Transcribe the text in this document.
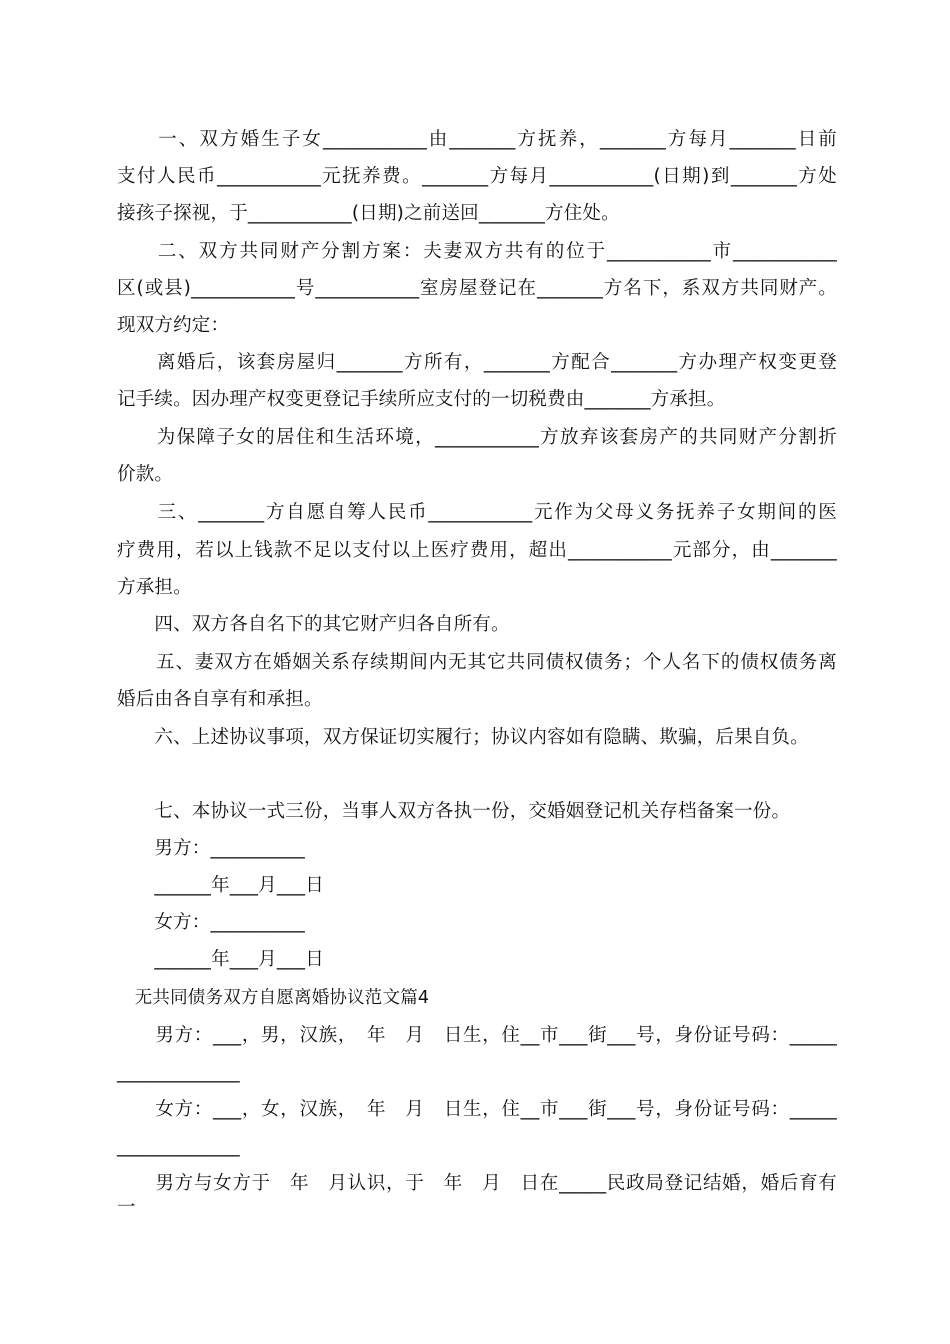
　　一、双方婚生子女___________由_______方抚养，_______方每月_______日前
支付人民币___________元抚养费。_______方每月___________(日期)到_______方处
接孩子探视，于___________(日期)之前送回_______方住处。
　　二、双方共同财产分割方案：夫妻双方共有的位于___________市___________
区(或县)___________号___________室房屋登记在_______方名下，系双方共同财产。
现双方约定：
　　离婚后，该套房屋归_______方所有，_______方配合_______方办理产权变更登
记手续。因办理产权变更登记手续所应支付的一切税费由_______方承担。
　　为保障子女的居住和生活环境，___________方放弃该套房产的共同财产分割折
价款。
　　三、_______方自愿自筹人民币___________元作为父母义务抚养子女期间的医
疗费用，若以上钱款不足以支付以上医疗费用，超出___________元部分，由_______
方承担。
　　四、双方各自名下的其它财产归各自所有。
　　五、妻双方在婚姻关系存续期间内无其它共同债权债务；个人名下的债权债务离
婚后由各自享有和承担。
　　六、上述协议事项，双方保证切实履行；协议内容如有隐瞒、欺骗，后果自负。
　　七、本协议一式三份，当事人双方各执一份，交婚姻登记机关存档备案一份。
　　男方：__________
　　______年___月___日
　　女方：__________
　　______年___月___日
　无共同债务双方自愿离婚协议范文篇4
　　男方：___，男，汉族，　年　月　日生，住__市___街___号，身份证号码：_____
_____________
　　女方：___，女，汉族，　年　月　日生，住__市___街___号，身份证号码：_____
_____________
　　男方与女方于　年　月认识，于　年　月　日在_____民政局登记结婚，婚后育有一
